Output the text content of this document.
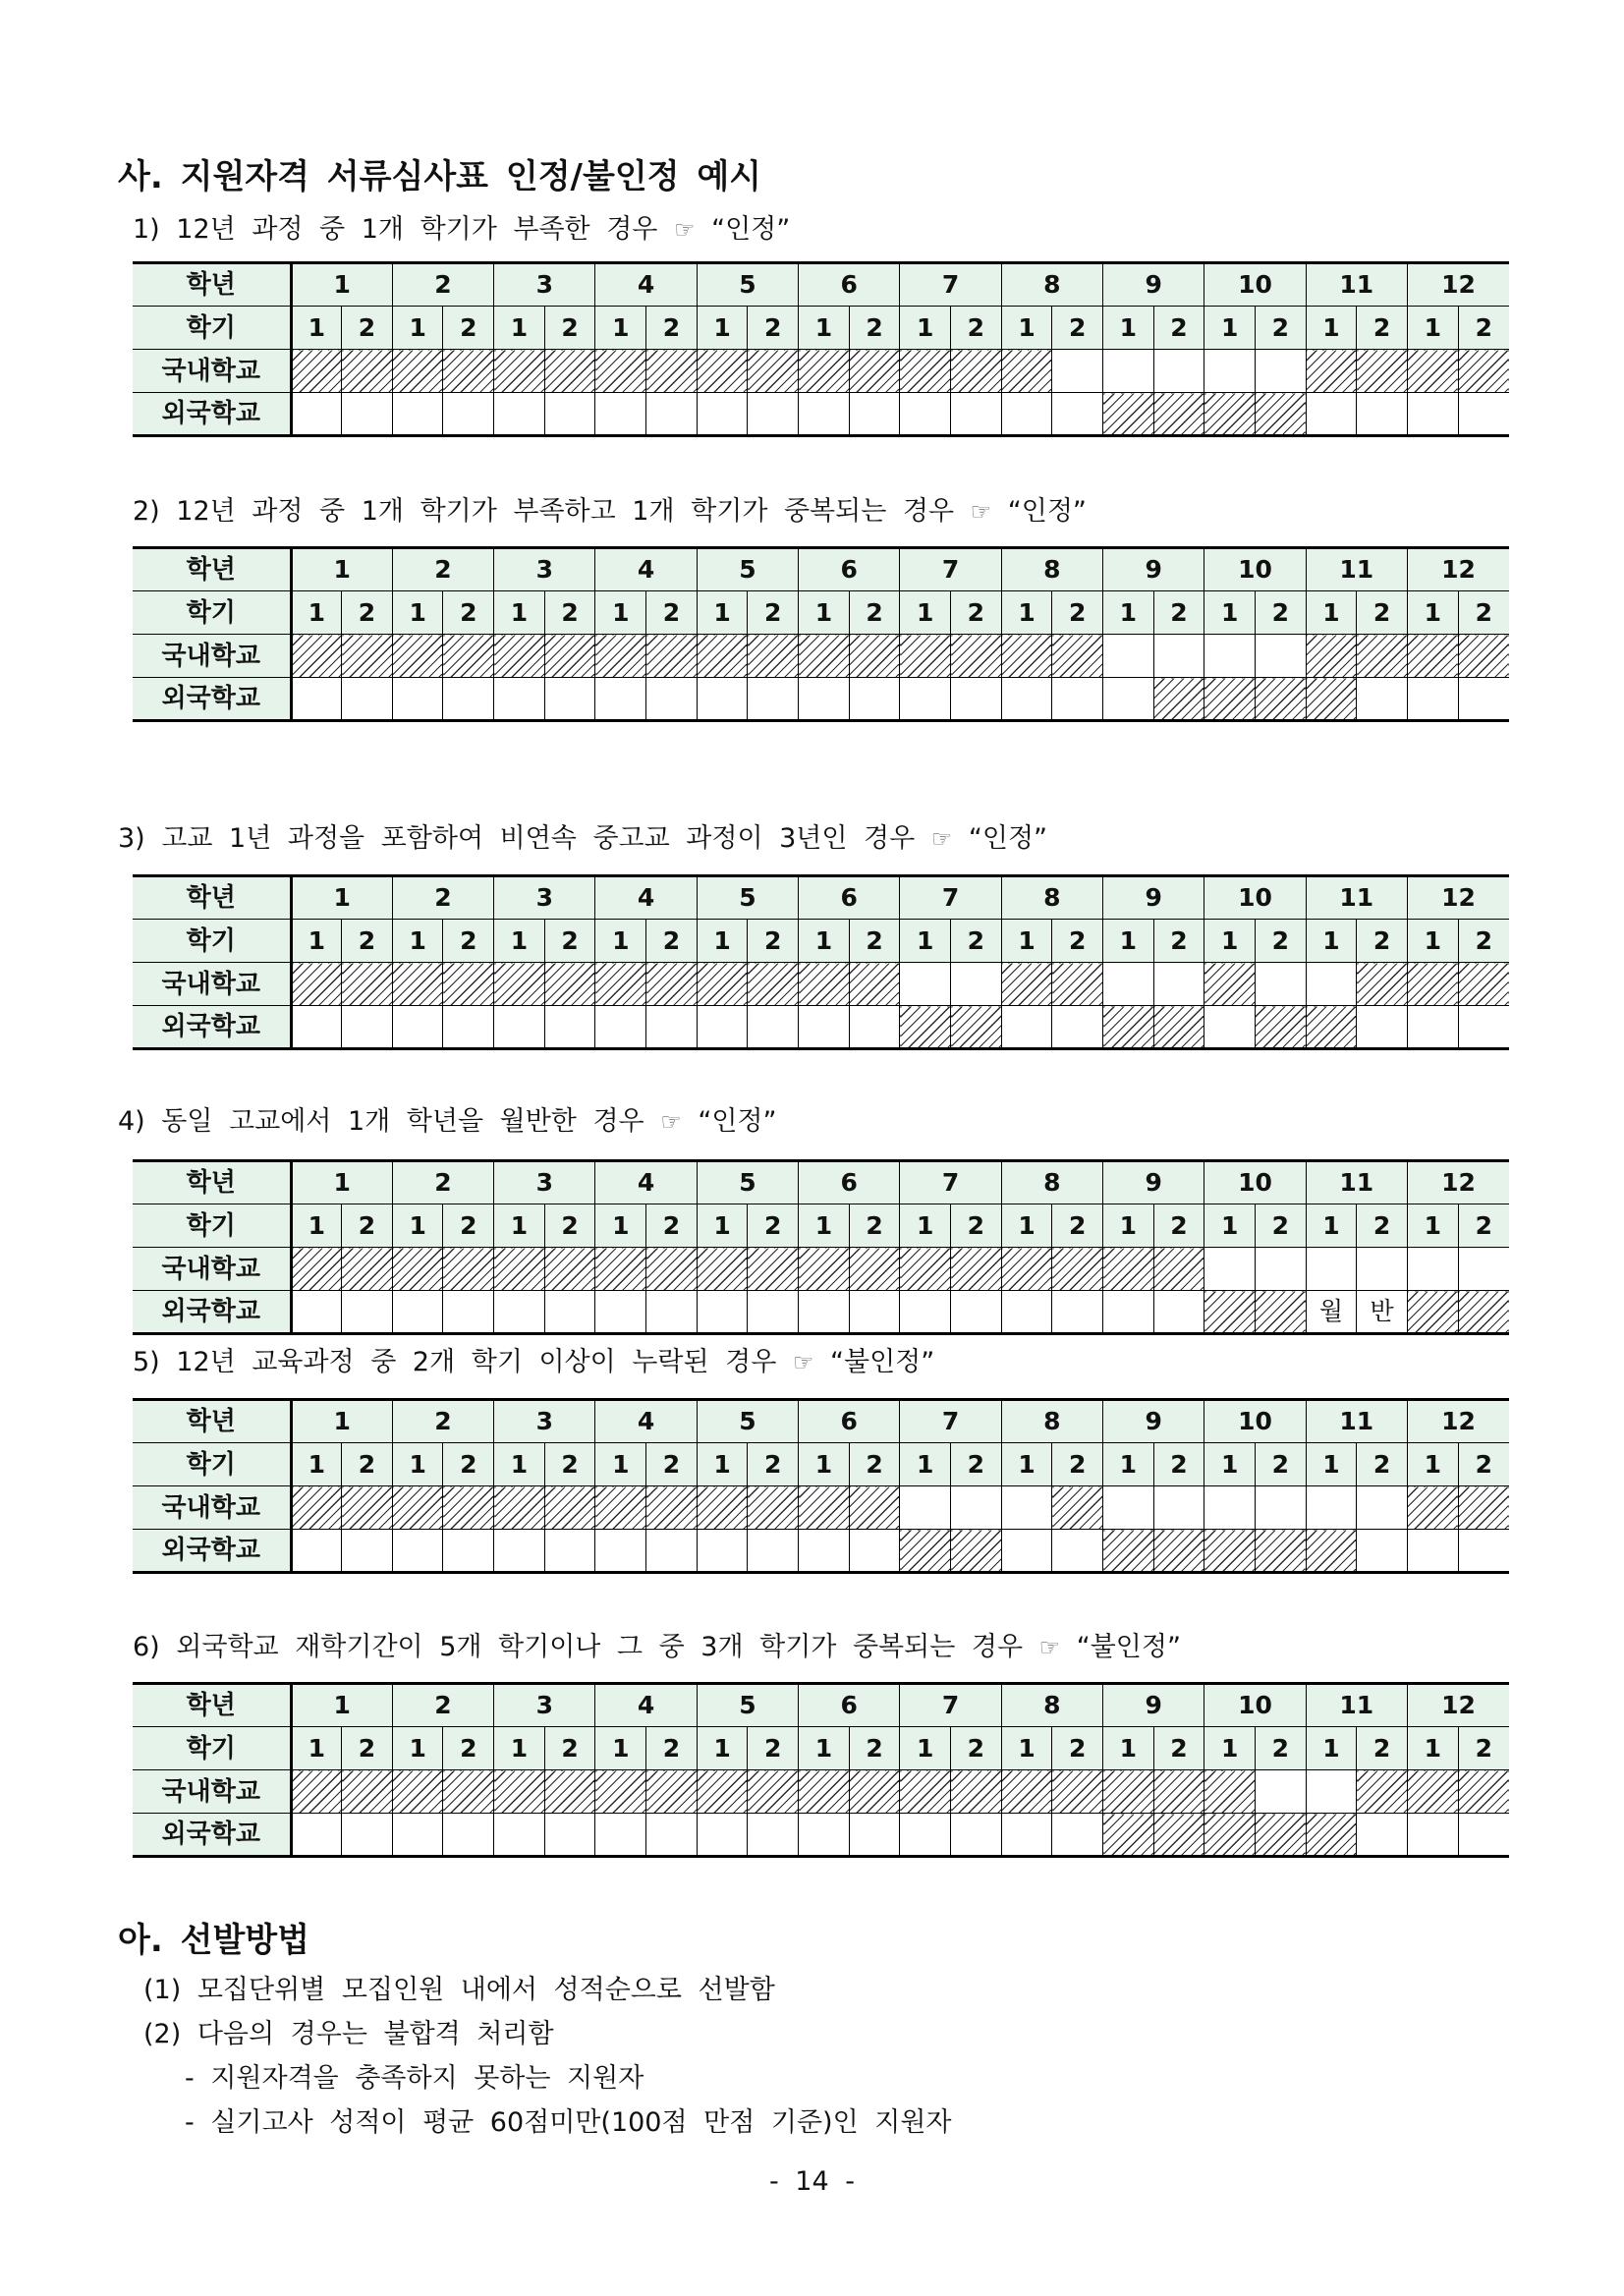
사. 지원자격 서류심사표 인정/불인정 예시
1) 12년 과정 중 1개 학기가 부족한 경우 ☞ “인정”
학년	1		2		3		4		5		6		7		8		9		10		11		12	
학기	1	2	1	2	1	2	1	2	1	2	1	2	1	2	1	2	1	2	1	2	1	2	1	2
국내학교																								
외국학교																								
2) 12년 과정 중 1개 학기가 부족하고 1개 학기가 중복되는 경우 ☞ “인정”
학년	1		2		3		4		5		6		7		8		9		10		11		12	
학기	1	2	1	2	1	2	1	2	1	2	1	2	1	2	1	2	1	2	1	2	1	2	1	2
국내학교																								
외국학교																								
3) 고교 1년 과정을 포함하여 비연속 중고교 과정이 3년인 경우 ☞ “인정”
학년	1		2		3		4		5		6		7		8		9		10		11		12	
학기	1	2	1	2	1	2	1	2	1	2	1	2	1	2	1	2	1	2	1	2	1	2	1	2
국내학교																								
외국학교																								
4) 동일 고교에서 1개 학년을 월반한 경우 ☞ “인정”
학년	1		2		3		4		5		6		7		8		9		10		11		12	
학기	1	2	1	2	1	2	1	2	1	2	1	2	1	2	1	2	1	2	1	2	1	2	1	2
국내학교																								
외국학교																					월	반		
5) 12년 교육과정 중 2개 학기 이상이 누락된 경우 ☞ “불인정”
학년	1		2		3		4		5		6		7		8		9		10		11		12	
학기	1	2	1	2	1	2	1	2	1	2	1	2	1	2	1	2	1	2	1	2	1	2	1	2
국내학교																								
외국학교																								
6) 외국학교 재학기간이 5개 학기이나 그 중 3개 학기가 중복되는 경우 ☞ “불인정”
학년	1		2		3		4		5		6		7		8		9		10		11		12	
학기	1	2	1	2	1	2	1	2	1	2	1	2	1	2	1	2	1	2	1	2	1	2	1	2
국내학교																								
외국학교																								
아. 선발방법
(1) 모집단위별 모집인원 내에서 성적순으로 선발함
(2) 다음의 경우는 불합격 처리함
- 지원자격을 충족하지 못하는 지원자
- 실기고사 성적이 평균 60점미만(100점 만점 기준)인 지원자
- 14 -
